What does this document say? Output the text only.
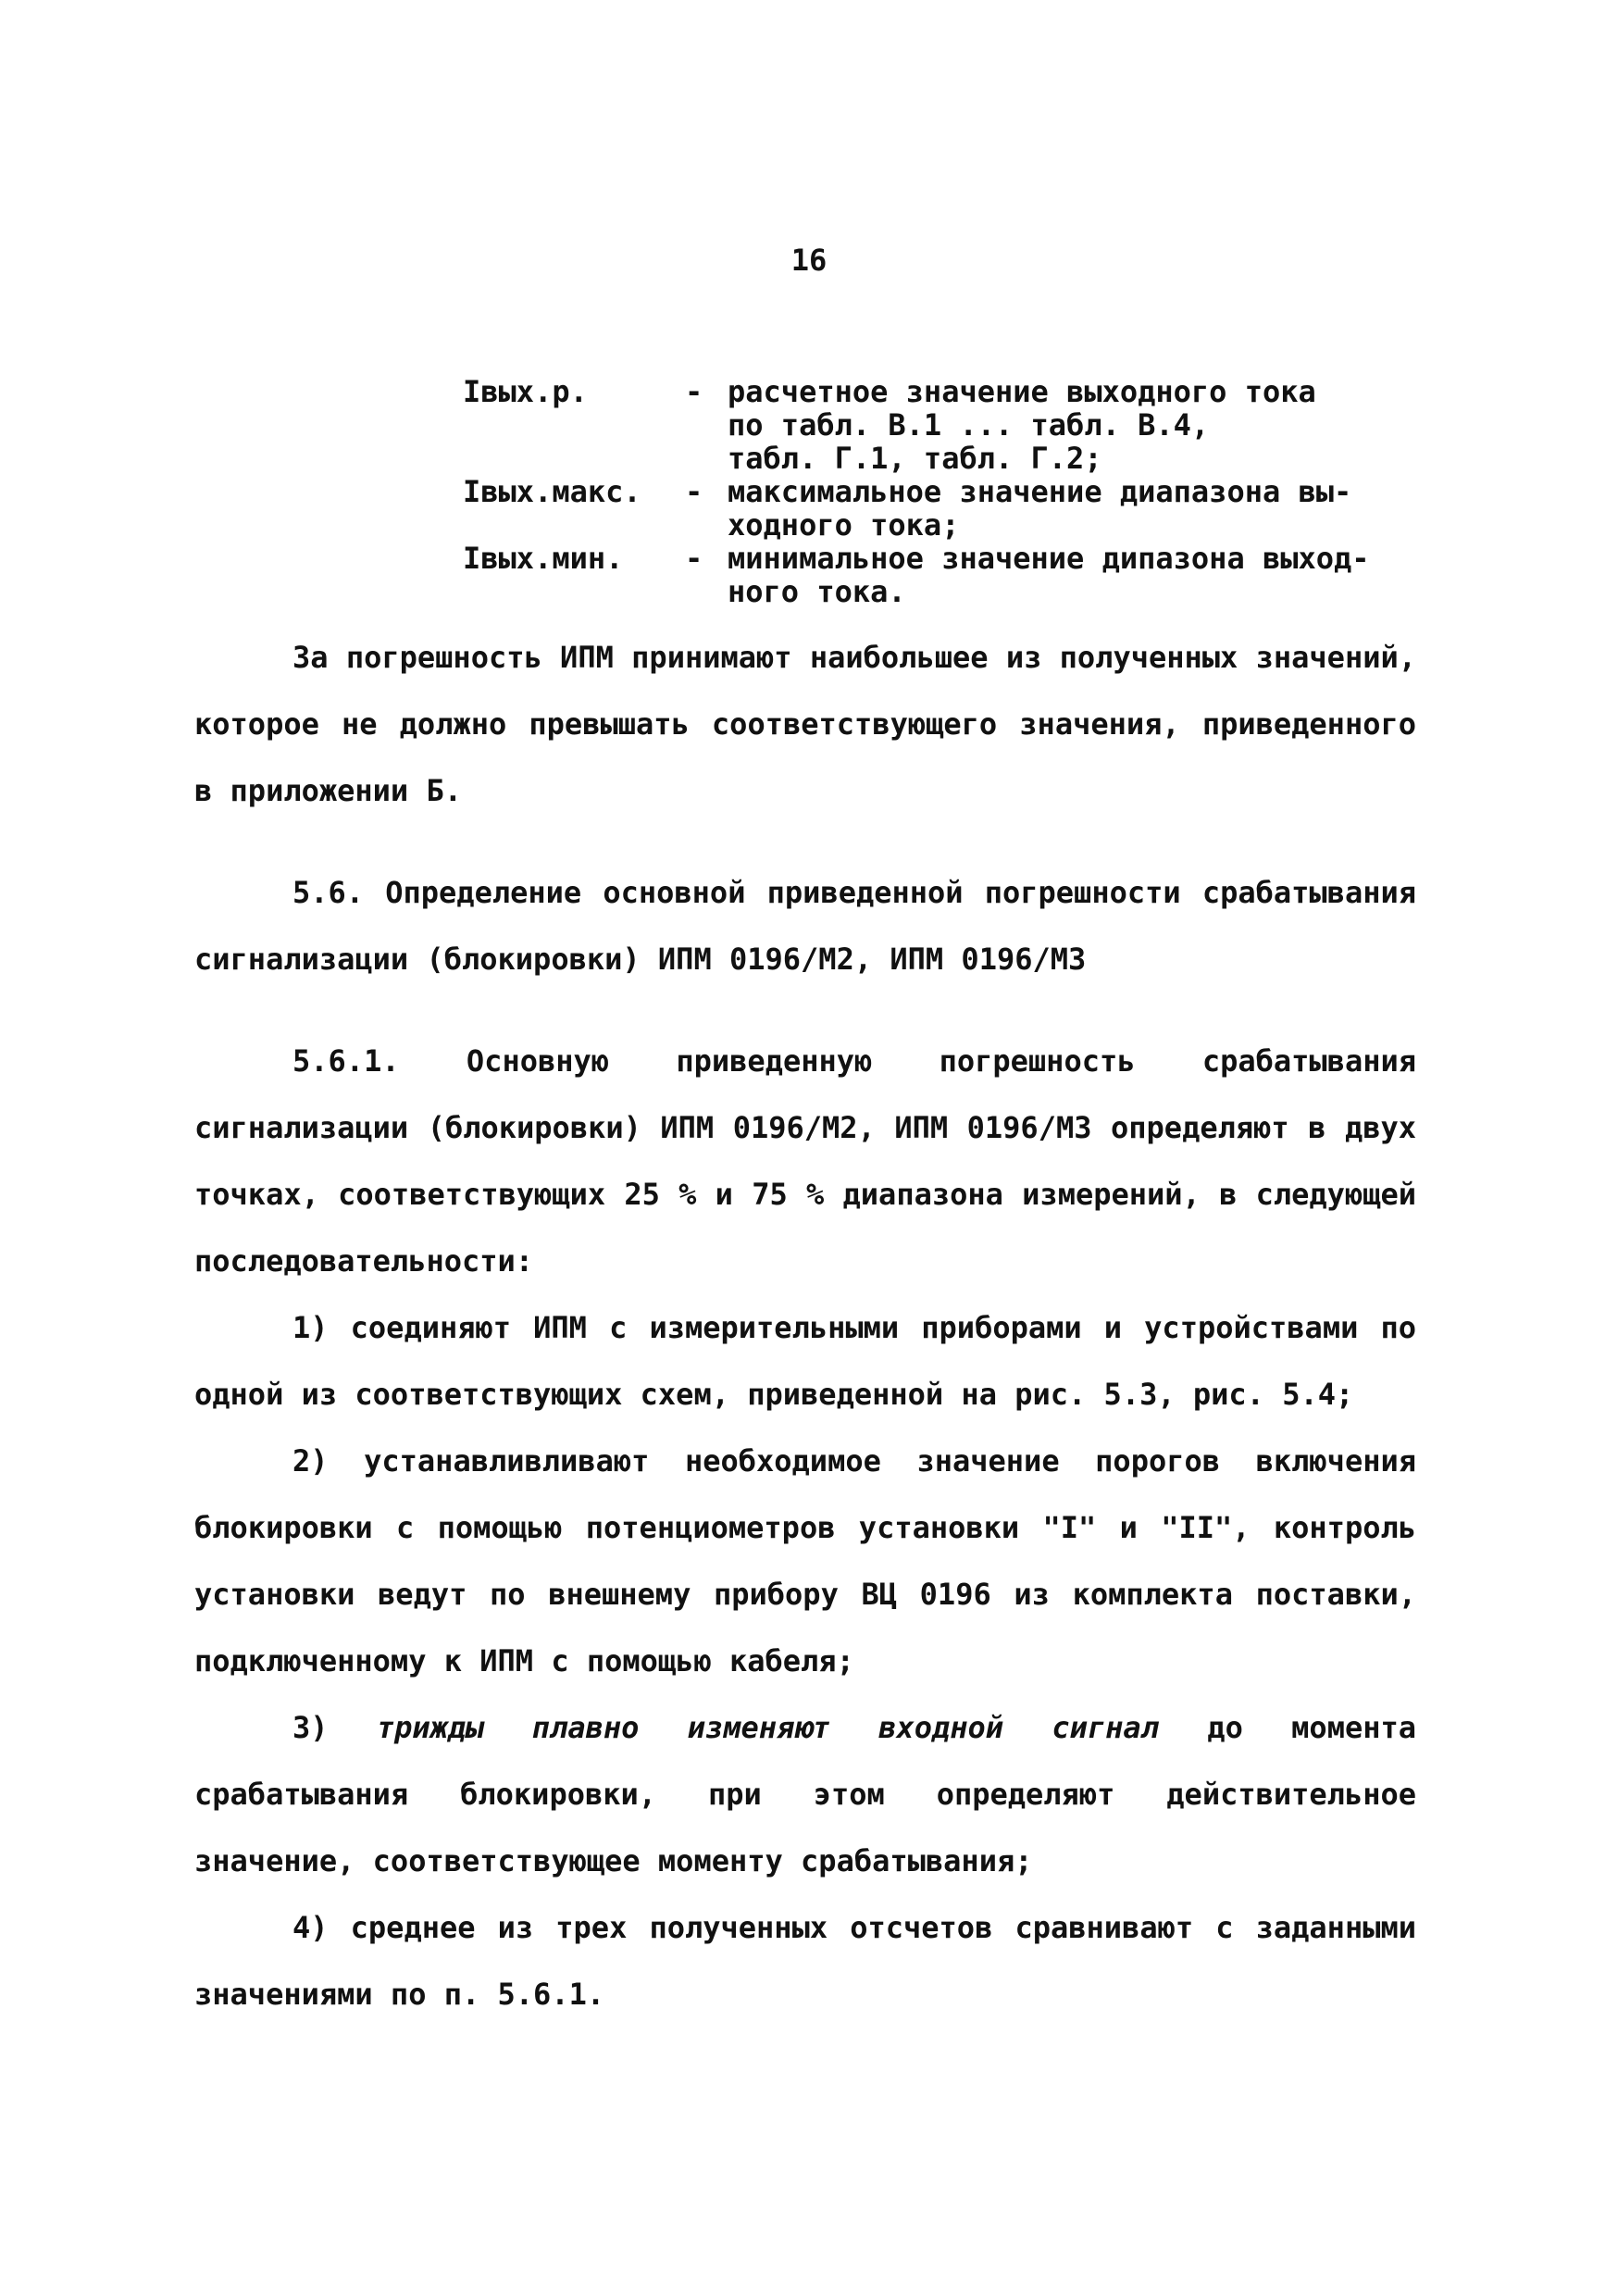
16
Iвых.р.	- расчетное значение выходного тока
по табл. В.1 ... табл. В.4,
табл. Г.1, табл. Г.2;
Iвых.макс.	- максимальное значение диапазона вы-
ходного тока;
Iвых.мин.	- минимальное значение дипазона выход-
ного тока.

За погрешность ИПМ принимают наибольшее из полученных значений, которое не должно превышать соответствующего значения, приведенного в приложении Б.

5.6. Определение основной приведенной погрешности срабатывания сигнализации (блокировки) ИПМ 0196/М2, ИПМ 0196/М3

5.6.1. Основную приведенную погрешность срабатывания сигнализации (блокировки) ИПМ 0196/М2, ИПМ 0196/М3 определяют в двух точках, соответствующих 25 % и 75 % диапазона измерений, в следующей последовательности:

1) соединяют ИПМ с измерительными приборами и устройствами по одной из соответствующих схем, приведенной на рис. 5.3, рис. 5.4;

2) устанавливливают необходимое значение порогов включения блокировки с помощью потенциометров установки "I" и "II", контроль установки ведут по внешнему прибору ВЦ 0196 из комплекта поставки, подключенному к ИПМ с помощью кабеля;

3) трижды плавно изменяют входной сигнал до момента срабатывания блокировки, при этом определяют действительное значение, соответствующее моменту срабатывания;

4) среднее из трех полученных отсчетов сравнивают с заданными значениями по п. 5.6.1.
